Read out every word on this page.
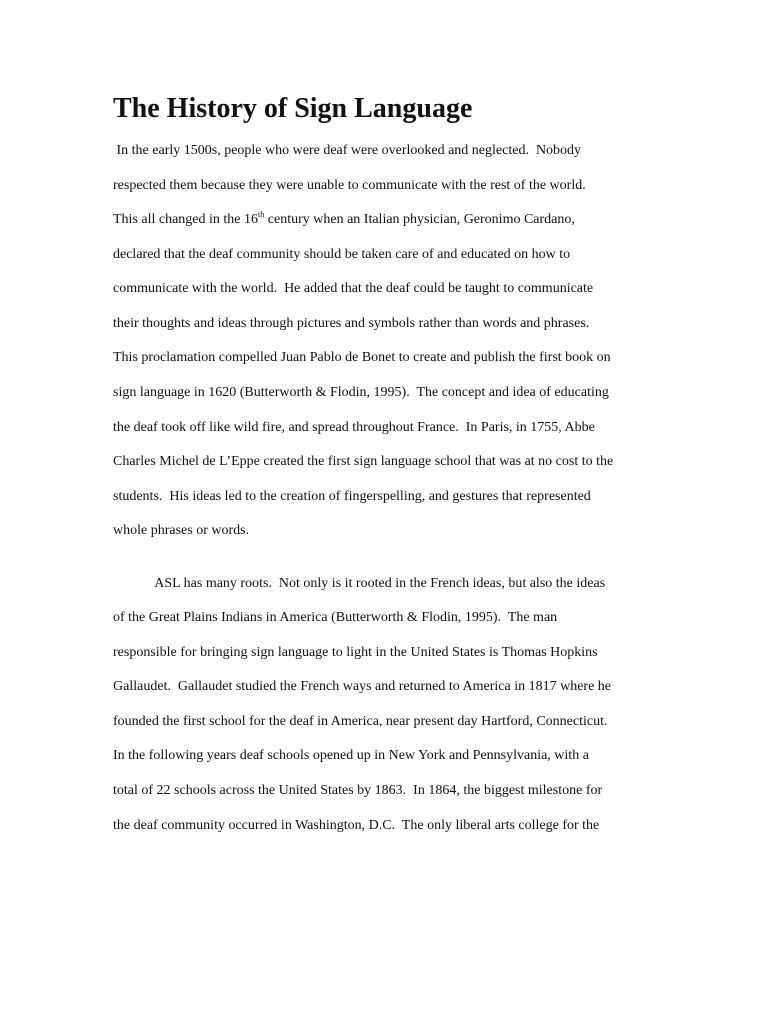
The History of Sign Language

In the early 1500s, people who were deaf were overlooked and neglected.  Nobody

respected them because they were unable to communicate with the rest of the world.

This all changed in the 16th century when an Italian physician, Geronimo Cardano,

declared that the deaf community should be taken care of and educated on how to

communicate with the world.  He added that the deaf could be taught to communicate

their thoughts and ideas through pictures and symbols rather than words and phrases.

This proclamation compelled Juan Pablo de Bonet to create and publish the first book on

sign language in 1620 (Butterworth & Flodin, 1995).  The concept and idea of educating

the deaf took off like wild fire, and spread throughout France.  In Paris, in 1755, Abbe

Charles Michel de L’Eppe created the first sign language school that was at no cost to the

students.  His ideas led to the creation of fingerspelling, and gestures that represented

whole phrases or words.

ASL has many roots.  Not only is it rooted in the French ideas, but also the ideas

of the Great Plains Indians in America (Butterworth & Flodin, 1995).  The man

responsible for bringing sign language to light in the United States is Thomas Hopkins

Gallaudet.  Gallaudet studied the French ways and returned to America in 1817 where he

founded the first school for the deaf in America, near present day Hartford, Connecticut.

In the following years deaf schools opened up in New York and Pennsylvania, with a

total of 22 schools across the United States by 1863.  In 1864, the biggest milestone for

the deaf community occurred in Washington, D.C.  The only liberal arts college for the
